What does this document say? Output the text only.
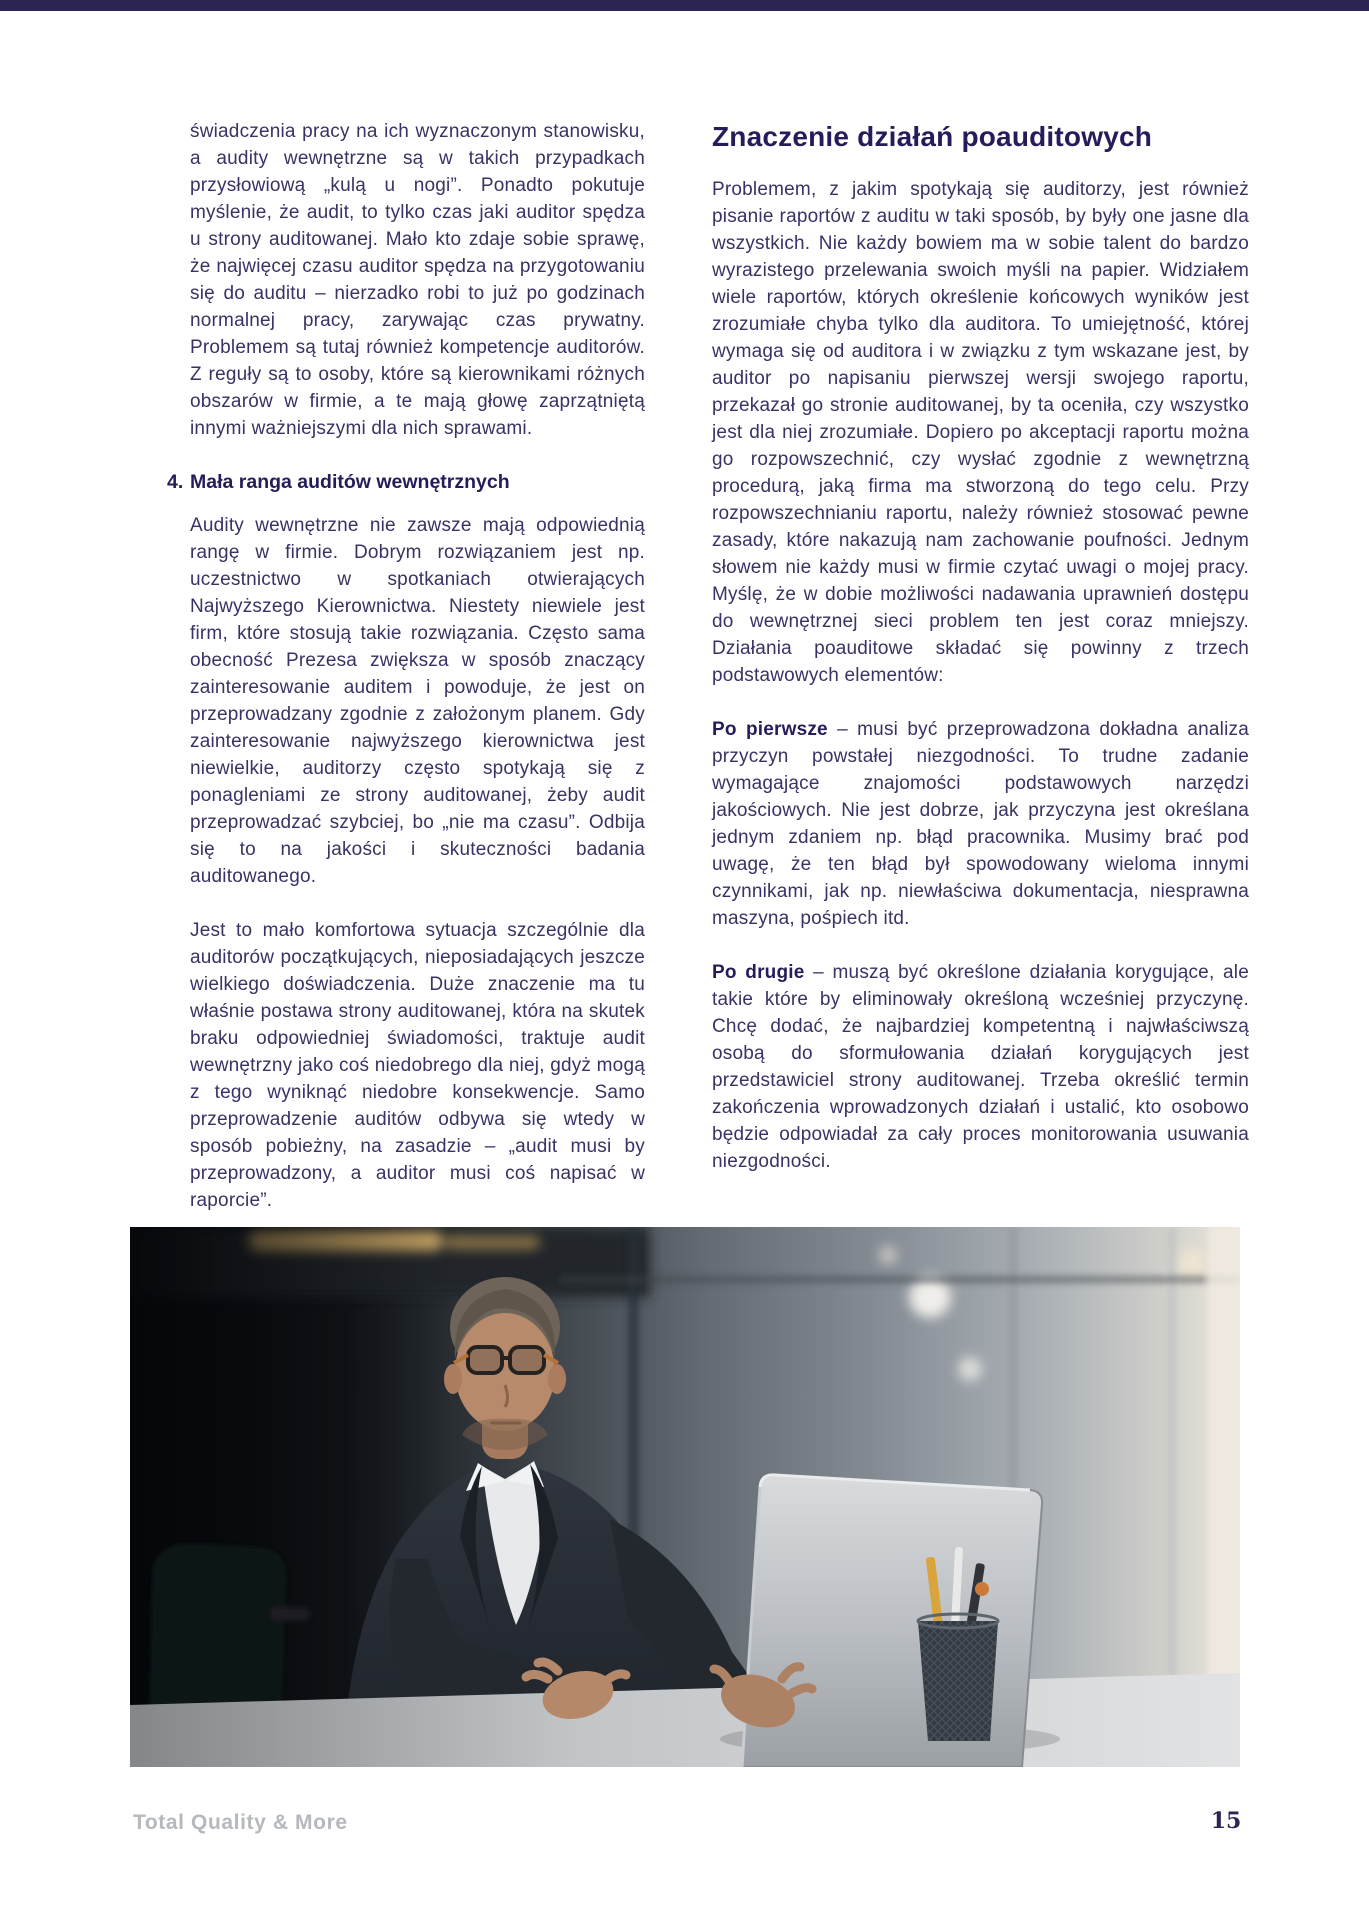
świadczenia pracy na ich wyznaczonym stanowisku, a audity wewnętrzne są w takich przypadkach przysłowiową „kulą u nogi”. Ponadto pokutuje myślenie, że audit, to tylko czas jaki auditor spędza u strony auditowanej. Mało kto zdaje sobie sprawę, że najwięcej czasu auditor spędza na przygotowaniu się do auditu – nierzadko robi to już po godzinach normalnej pracy, zarywając czas prywatny. Problemem są tutaj również kompetencje auditorów. Z reguły są to osoby, które są kierownikami różnych obszarów w firmie, a te mają głowę zaprzątniętą innymi ważniejszymi dla nich sprawami.

4. Mała ranga auditów wewnętrznych

Audity wewnętrzne nie zawsze mają odpowiednią rangę w firmie. Dobrym rozwiązaniem jest np. uczestnictwo w spotkaniach otwierających Najwyższego Kierownictwa. Niestety niewiele jest firm, które stosują takie rozwiązania. Często sama obecność Prezesa zwiększa w sposób znaczący zainteresowanie auditem i powoduje, że jest on przeprowadzany zgodnie z założonym planem. Gdy zainteresowanie najwyższego kierownictwa jest niewielkie, auditorzy często spotykają się z ponagleniami ze strony auditowanej, żeby audit przeprowadzać szybciej, bo „nie ma czasu”. Odbija się to na jakości i skuteczności badania auditowanego.

Jest to mało komfortowa sytuacja szczególnie dla auditorów początkujących, nieposiadających jeszcze wielkiego doświadczenia. Duże znaczenie ma tu właśnie postawa strony auditowanej, która na skutek braku odpowiedniej świadomości, traktuje audit wewnętrzny jako coś niedobrego dla niej, gdyż mogą z tego wyniknąć niedobre konsekwencje. Samo przeprowadzenie auditów odbywa się wtedy w sposób pobieżny, na zasadzie – „audit musi by przeprowadzony, a auditor musi coś napisać w raporcie”.

Znaczenie działań poauditowych

Problemem, z jakim spotykają się auditorzy, jest również pisanie raportów z auditu w taki sposób, by były one jasne dla wszystkich. Nie każdy bowiem ma w sobie talent do bardzo wyrazistego przelewania swoich myśli na papier. Widziałem wiele raportów, których określenie końcowych wyników jest zrozumiałe chyba tylko dla auditora. To umiejętność, której wymaga się od auditora i w związku z tym wskazane jest, by auditor po napisaniu pierwszej wersji swojego raportu, przekazał go stronie auditowanej, by ta oceniła, czy wszystko jest dla niej zrozumiałe. Dopiero po akceptacji raportu można go rozpowszechnić, czy wysłać zgodnie z wewnętrzną procedurą, jaką firma ma stworzoną do tego celu. Przy rozpowszechnianiu raportu, należy również stosować pewne zasady, które nakazują nam zachowanie poufności. Jednym słowem nie każdy musi w firmie czytać uwagi o mojej pracy. Myślę, że w dobie możliwości nadawania uprawnień dostępu do wewnętrznej sieci problem ten jest coraz mniejszy. Działania poauditowe składać się powinny z trzech podstawowych elementów:

Po pierwsze – musi być przeprowadzona dokładna analiza przyczyn powstałej niezgodności. To trudne zadanie wymagające znajomości podstawowych narzędzi jakościowych. Nie jest dobrze, jak przyczyna jest określana jednym zdaniem np. błąd pracownika. Musimy brać pod uwagę, że ten błąd był spowodowany wieloma innymi czynnikami, jak np. niewłaściwa dokumentacja, niesprawna maszyna, pośpiech itd.

Po drugie – muszą być określone działania korygujące, ale takie które by eliminowały określoną wcześniej przyczynę. Chcę dodać, że najbardziej kompetentną i najwłaściwszą osobą do sformułowania działań korygujących jest przedstawiciel strony auditowanej. Trzeba określić termin zakończenia wprowadzonych działań i ustalić, kto osobowo będzie odpowiadał za cały proces monitorowania usuwania niezgodności.

Total Quality & More	15
